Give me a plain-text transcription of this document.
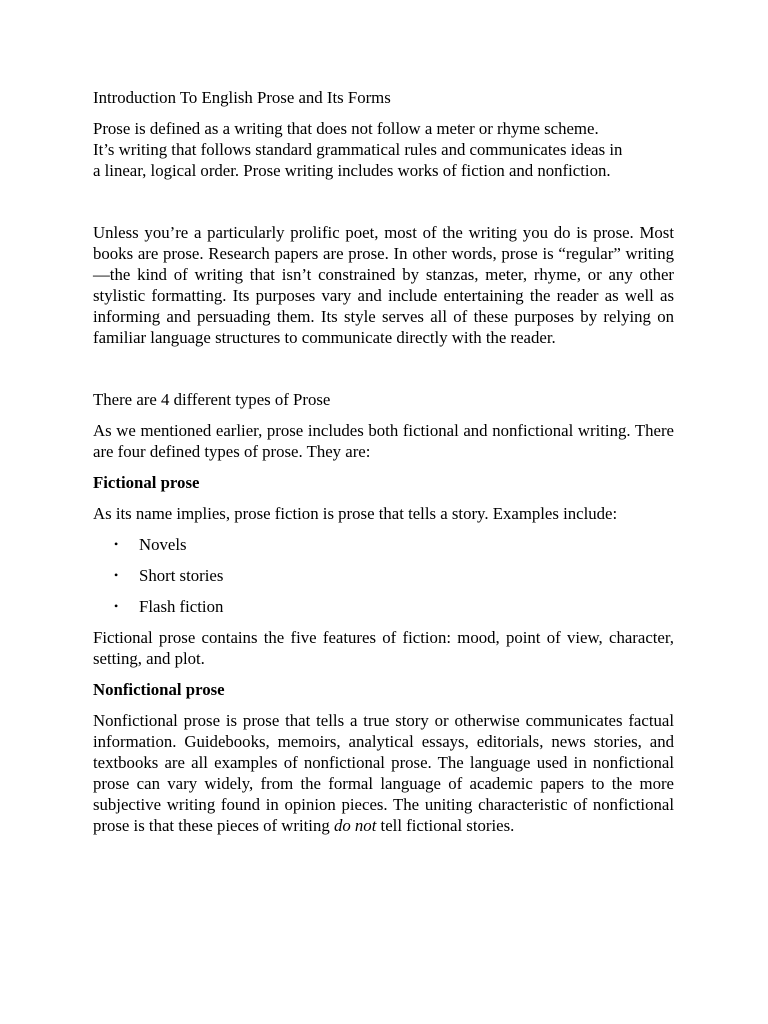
Introduction To English Prose and Its Forms

Prose is defined as a writing that does not follow a meter or rhyme scheme.
It’s writing that follows standard grammatical rules and communicates ideas in
a linear, logical order. Prose writing includes works of fiction and nonfiction.

Unless you’re a particularly prolific poet, most of the writing you do is prose. Most books are prose. Research papers are prose. In other words, prose is “regular” writing—the kind of writing that isn’t constrained by stanzas, meter, rhyme, or any other stylistic formatting. Its purposes vary and include entertaining the reader as well as informing and persuading them. Its style serves all of these purposes by relying on familiar language structures to communicate directly with the reader.

There are 4 different types of Prose

As we mentioned earlier, prose includes both fictional and nonfictional writing. There are four defined types of prose. They are:

Fictional prose

As its name implies, prose fiction is prose that tells a story. Examples include:

• Novels
• Short stories
• Flash fiction

Fictional prose contains the five features of fiction: mood, point of view, character, setting, and plot.

Nonfictional prose

Nonfictional prose is prose that tells a true story or otherwise communicates factual information. Guidebooks, memoirs, analytical essays, editorials, news stories, and textbooks are all examples of nonfictional prose. The language used in nonfictional prose can vary widely, from the formal language of academic papers to the more subjective writing found in opinion pieces. The uniting characteristic of nonfictional prose is that these pieces of writing do not tell fictional stories.
